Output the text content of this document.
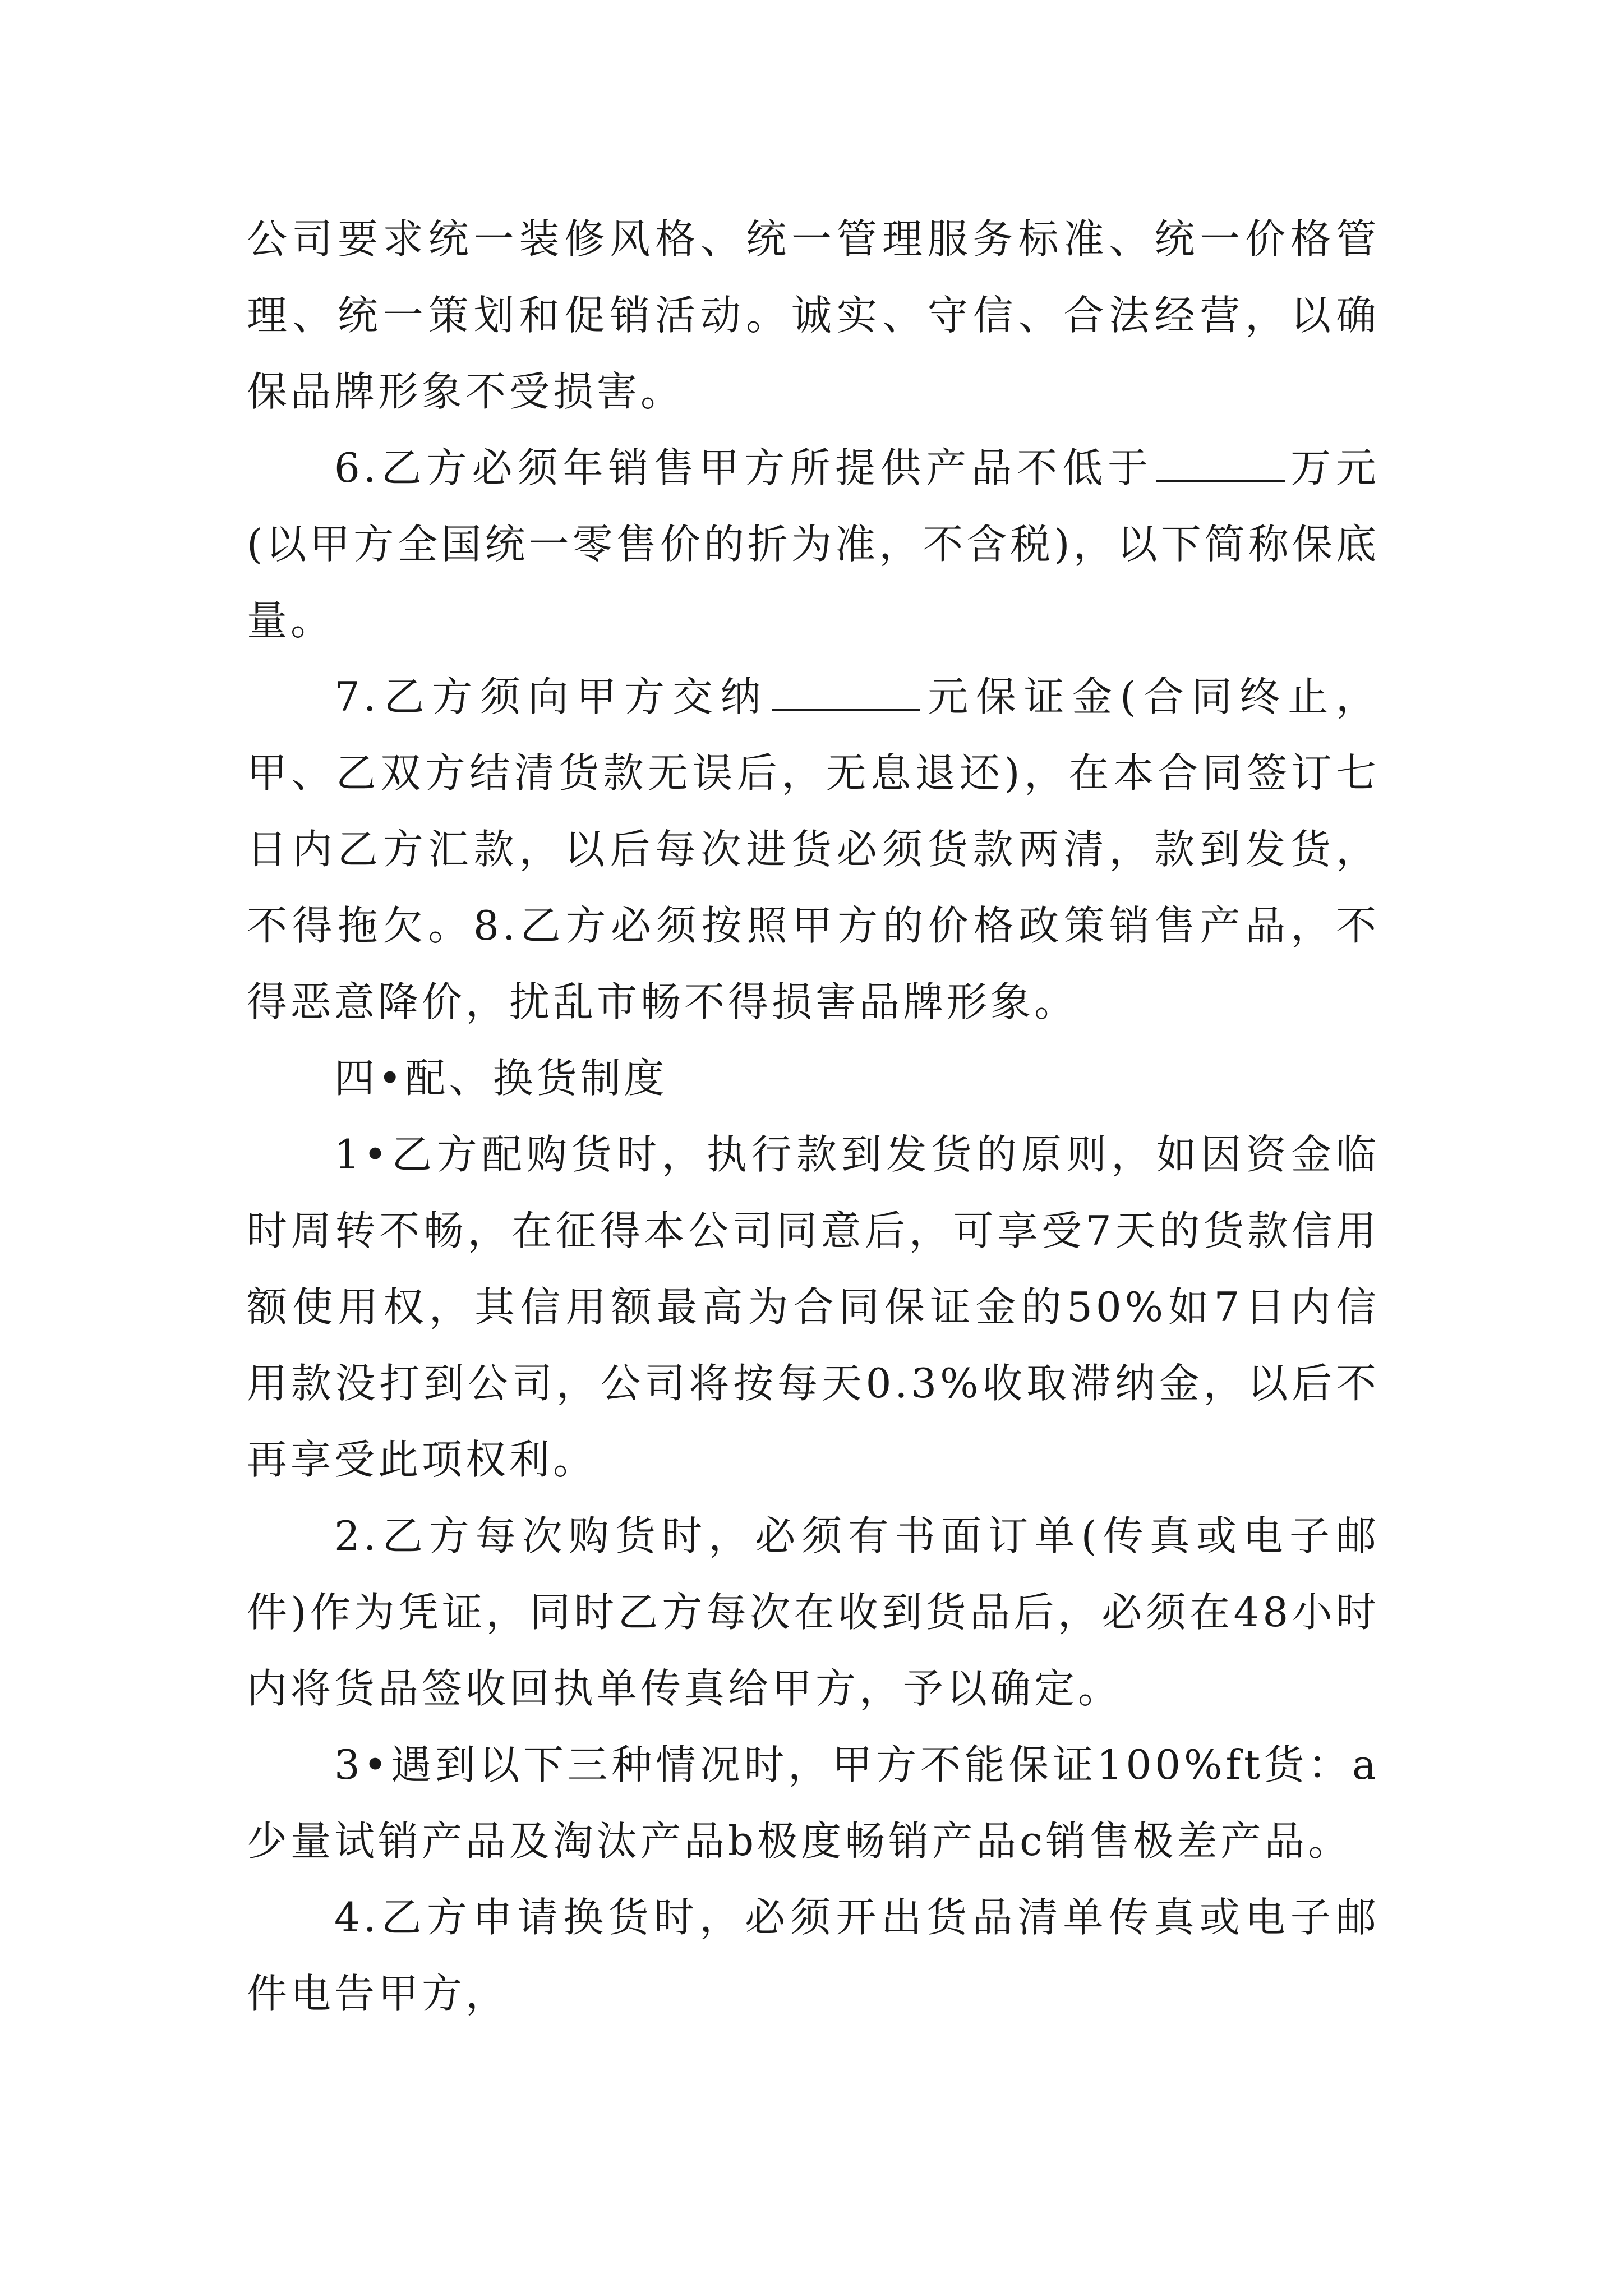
公司要求统一装修风格、统一管理服务标准、统一价格管理、统一策划和促销活动。诚实、守信、合法经营，以确保品牌形象不受损害。

6.乙方必须年销售甲方所提供产品不低于	万元(以甲方全国统一零售价的折为准，不含税)，以下简称保底量。

7.乙方须向甲方交纳	元保证金(合同终止，甲、乙双方结清货款无误后，无息退还)，在本合同签订七日内乙方汇款，以后每次进货必须货款两清，款到发货，不得拖欠。8.乙方必须按照甲方的价格政策销售产品，不得恶意降价，扰乱市畅不得损害品牌形象。

四•配、换货制度

1•乙方配购货时，执行款到发货的原则，如因资金临时周转不畅，在征得本公司同意后，可享受7天的货款信用额使用权，其信用额最高为合同保证金的50%如7日内信用款没打到公司，公司将按每天0.3%收取滞纳金，以后不再享受此项权利。

2.乙方每次购货时，必须有书面订单(传真或电子邮件)作为凭证，同时乙方每次在收到货品后，必须在48小时内将货品签收回执单传真给甲方，予以确定。

3•遇到以下三种情况时，甲方不能保证100%ft货：a少量试销产品及淘汰产品b极度畅销产品c销售极差产品。

4.乙方申请换货时，必须开出货品清单传真或电子邮件电告甲方，
